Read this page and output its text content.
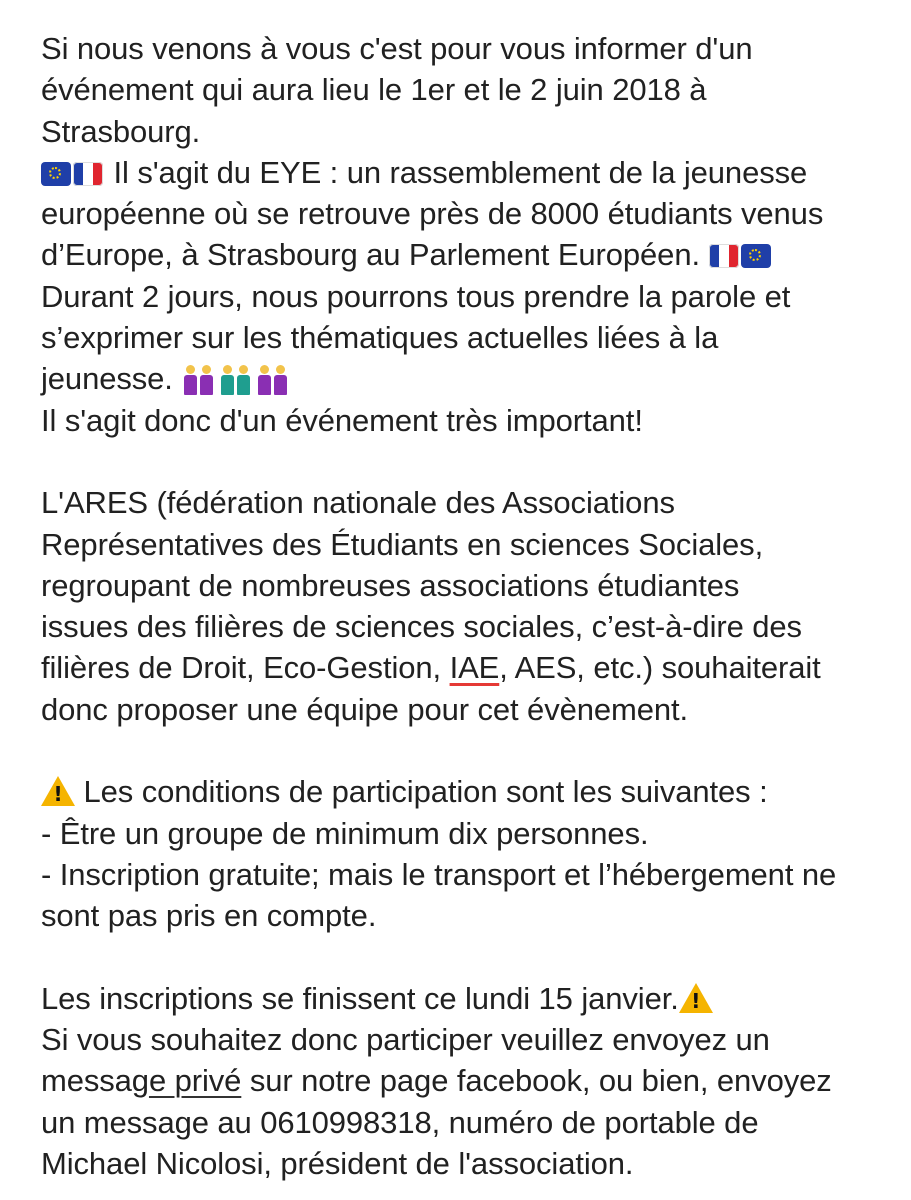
Si nous venons à vous c'est pour vous informer d'un
événement qui aura lieu le 1er et le 2 juin 2018 à
Strasbourg.
Il s'agit du EYE : un rassemblement de la jeunesse
européenne où se retrouve près de 8000 étudiants venus
d’Europe, à Strasbourg au Parlement Européen.
Durant 2 jours, nous pourrons tous prendre la parole et
s’exprimer sur les thématiques actuelles liées à la
jeunesse.
Il s'agit donc d'un événement très important!
L'ARES (fédération nationale des Associations
Représentatives des Étudiants en sciences Sociales,
regroupant de nombreuses associations étudiantes
issues des filières de sciences sociales, c’est-à-dire des
filières de Droit, Eco-Gestion, IAE, AES, etc.) souhaiterait
donc proposer une équipe pour cet évènement.
! Les conditions de participation sont les suivantes :
- Être un groupe de minimum dix personnes.
- Inscription gratuite; mais le transport et l’hébergement ne
sont pas pris en compte.
Les inscriptions se finissent ce lundi 15 janvier. !
Si vous souhaitez donc participer veuillez envoyez un
message privé sur notre page facebook, ou bien, envoyez
un message au 0610998318, numéro de portable de
Michael Nicolosi, président de l'association.
